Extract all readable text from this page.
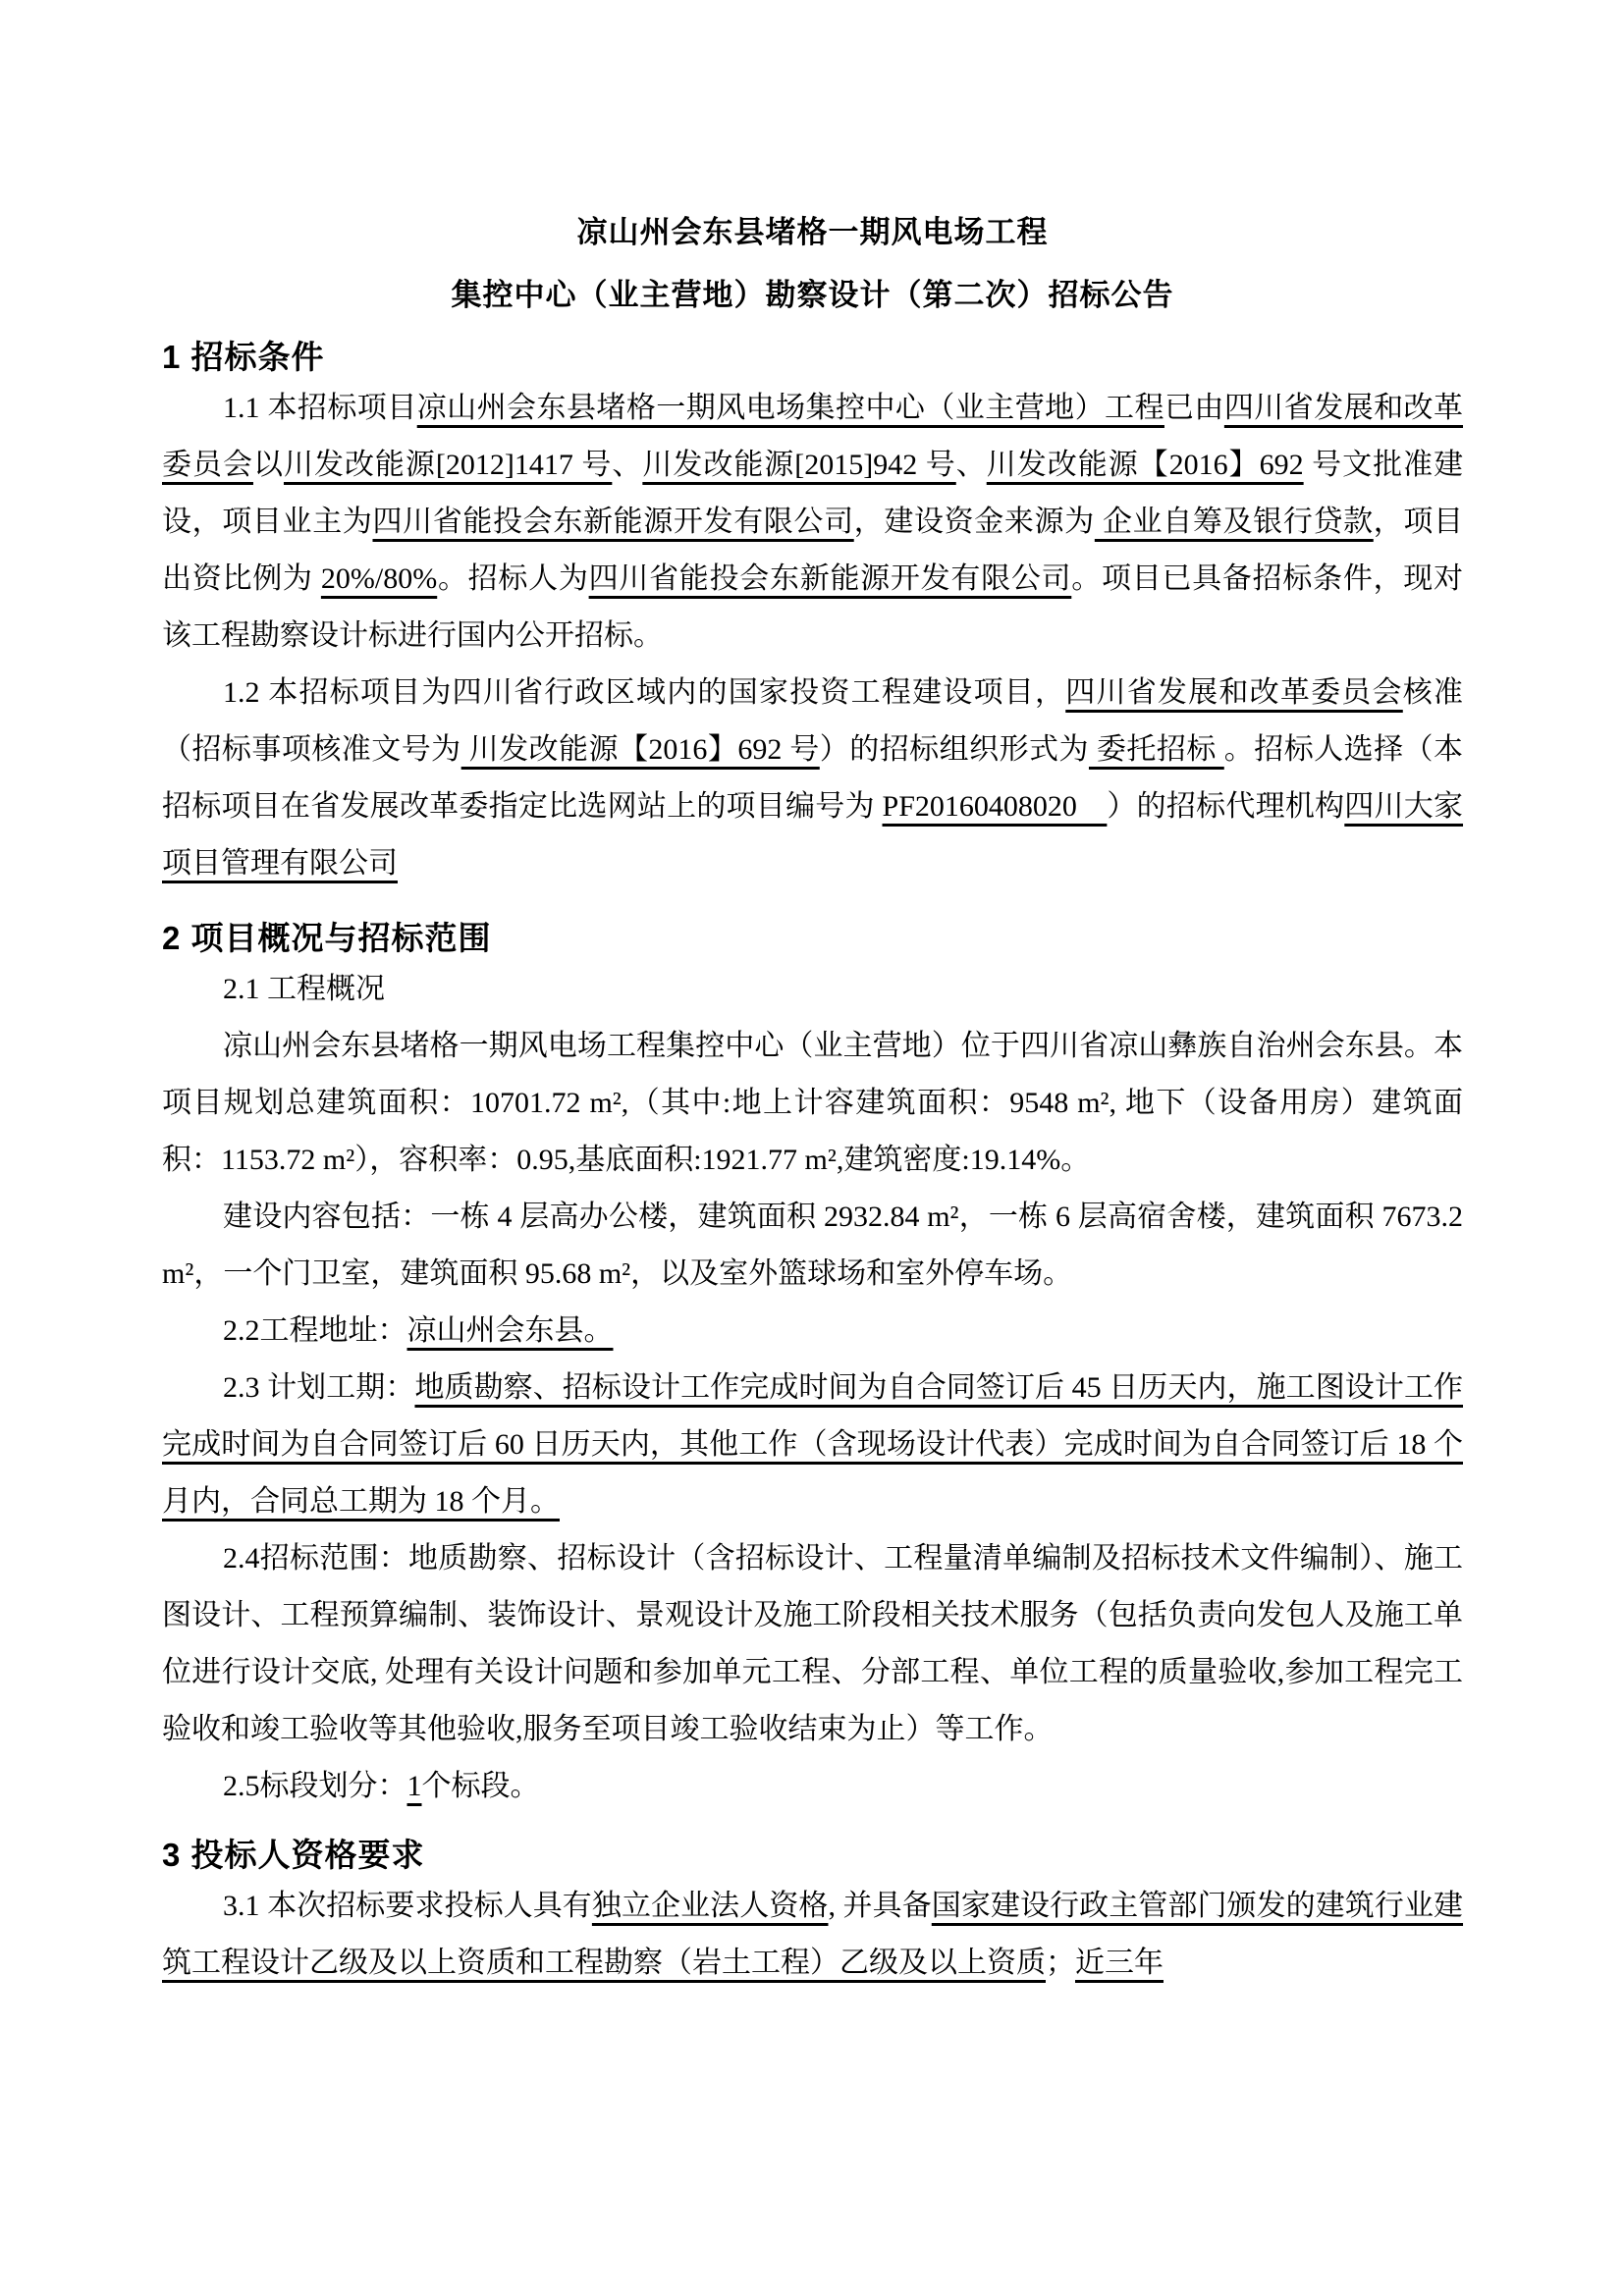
凉山州会东县堵格一期风电场工程
集控中心（业主营地）勘察设计（第二次）招标公告
1 招标条件

1.1 本招标项目凉山州会东县堵格一期风电场集控中心（业主营地）工程已由四川省发展和改革委员会以川发改能源[2012]1417 号、川发改能源[2015]942 号、川发改能源【2016】692 号文批准建设，项目业主为四川省能投会东新能源开发有限公司，建设资金来源为 企业自筹及银行贷款，项目出资比例为 20%/80%。招标人为四川省能投会东新能源开发有限公司。项目已具备招标条件，现对该工程勘察设计标进行国内公开招标。

1.2 本招标项目为四川省行政区域内的国家投资工程建设项目，四川省发展和改革委员会核准（招标事项核准文号为 川发改能源【2016】692 号）的招标组织形式为 委托招标 。招标人选择（本招标项目在省发展改革委指定比选网站上的项目编号为 PF20160408020　）的招标代理机构四川大家项目管理有限公司

2 项目概况与招标范围

2.1 工程概况

凉山州会东县堵格一期风电场工程集控中心（业主营地）位于四川省凉山彝族自治州会东县。本项目规划总建筑面积：10701.72 m²,（其中:地上计容建筑面积：9548 m², 地下（设备用房）建筑面积：1153.72 m²），容积率：0.95,基底面积:1921.77 m²,建筑密度:19.14%。

建设内容包括：一栋 4 层高办公楼，建筑面积 2932.84 m²，一栋 6 层高宿舍楼，建筑面积 7673.2 m²，一个门卫室，建筑面积 95.68 m²，以及室外篮球场和室外停车场。

2.2工程地址：凉山州会东县。

2.3 计划工期：地质勘察、招标设计工作完成时间为自合同签订后 45 日历天内，施工图设计工作完成时间为自合同签订后 60 日历天内，其他工作（含现场设计代表）完成时间为自合同签订后 18 个月内，合同总工期为 18 个月。

2.4招标范围：地质勘察、招标设计（含招标设计、工程量清单编制及招标技术文件编制）、施工图设计、工程预算编制、装饰设计、景观设计及施工阶段相关技术服务（包括负责向发包人及施工单位进行设计交底, 处理有关设计问题和参加单元工程、分部工程、单位工程的质量验收,参加工程完工验收和竣工验收等其他验收,服务至项目竣工验收结束为止）等工作。

2.5标段划分：1个标段。

3 投标人资格要求

3.1 本次招标要求投标人具有独立企业法人资格, 并具备国家建设行政主管部门颁发的建筑行业建筑工程设计乙级及以上资质和工程勘察（岩土工程）乙级及以上资质；近三年
